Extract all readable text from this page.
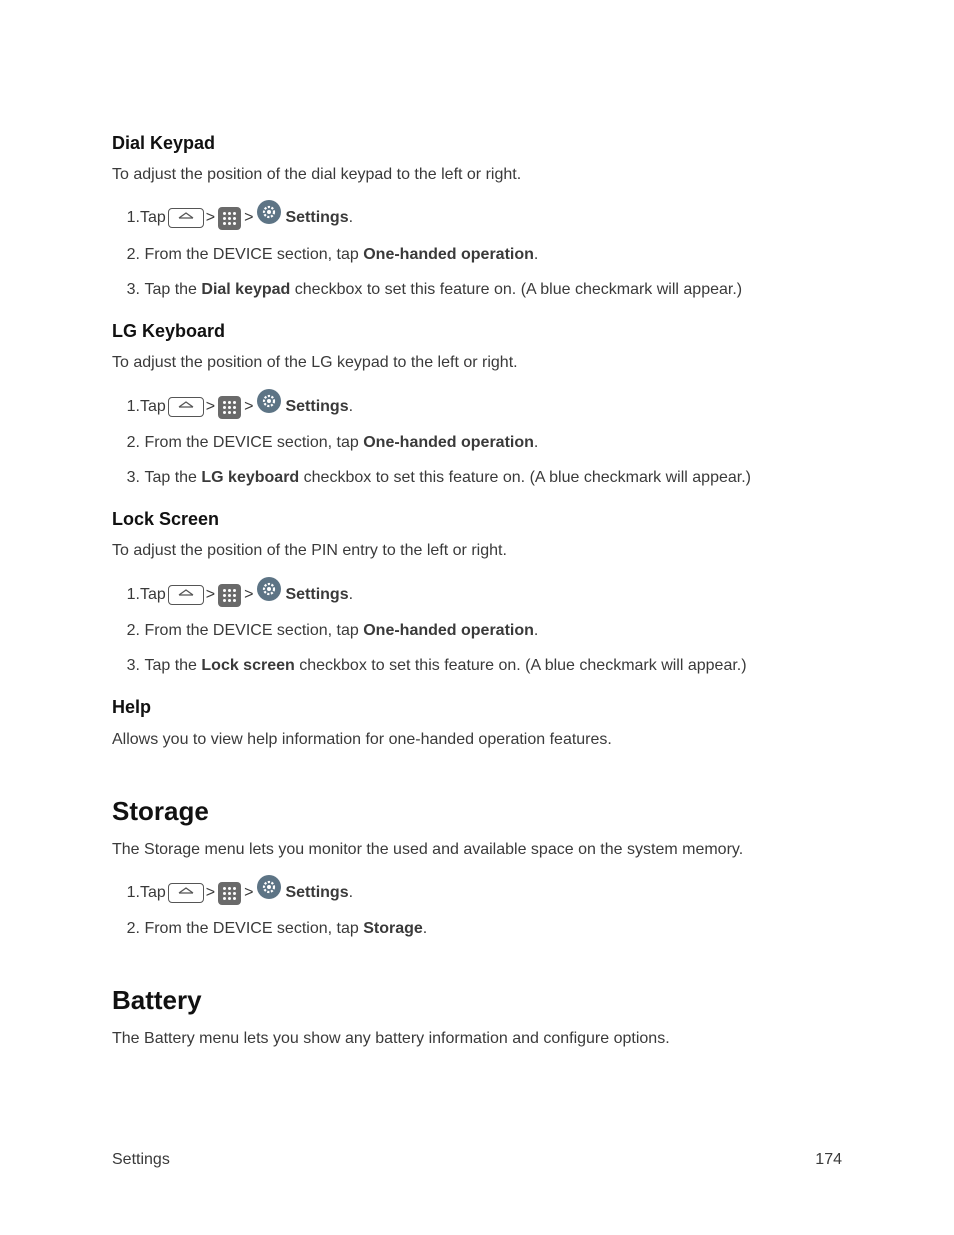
Dial Keypad
To adjust the position of the dial keypad to the left or right.
1. Tap	> > Settings .
2.
From the DEVICE section, tap
One-handed operation .
3.
Tap the
Dial keypad
checkbox to set this feature on. (A blue checkmark will appear.)
LG Keyboard
To adjust the position of the LG keypad to the left or right.
1. Tap	> > Settings .
2.
From the DEVICE section, tap
One-handed operation .
3.
Tap the
LG keyboard
checkbox to set this feature on. (A blue checkmark will appear.)
Lock Screen
To adjust the position of the PIN entry to the left or right.
1. Tap	> > Settings .
2.
From the DEVICE section, tap
One-handed operation .
3.
Tap the
Lock screen
checkbox to set this feature on. (A blue checkmark will appear.)
Help
Allows you to view help information for one-handed operation features.
Storage
The Storage menu lets you monitor the used and available space on the system memory.
1. Tap	> > Settings .
2.
From the DEVICE section, tap
Storage .
Battery
The Battery menu lets you show any battery information and configure options.
Settings	174
